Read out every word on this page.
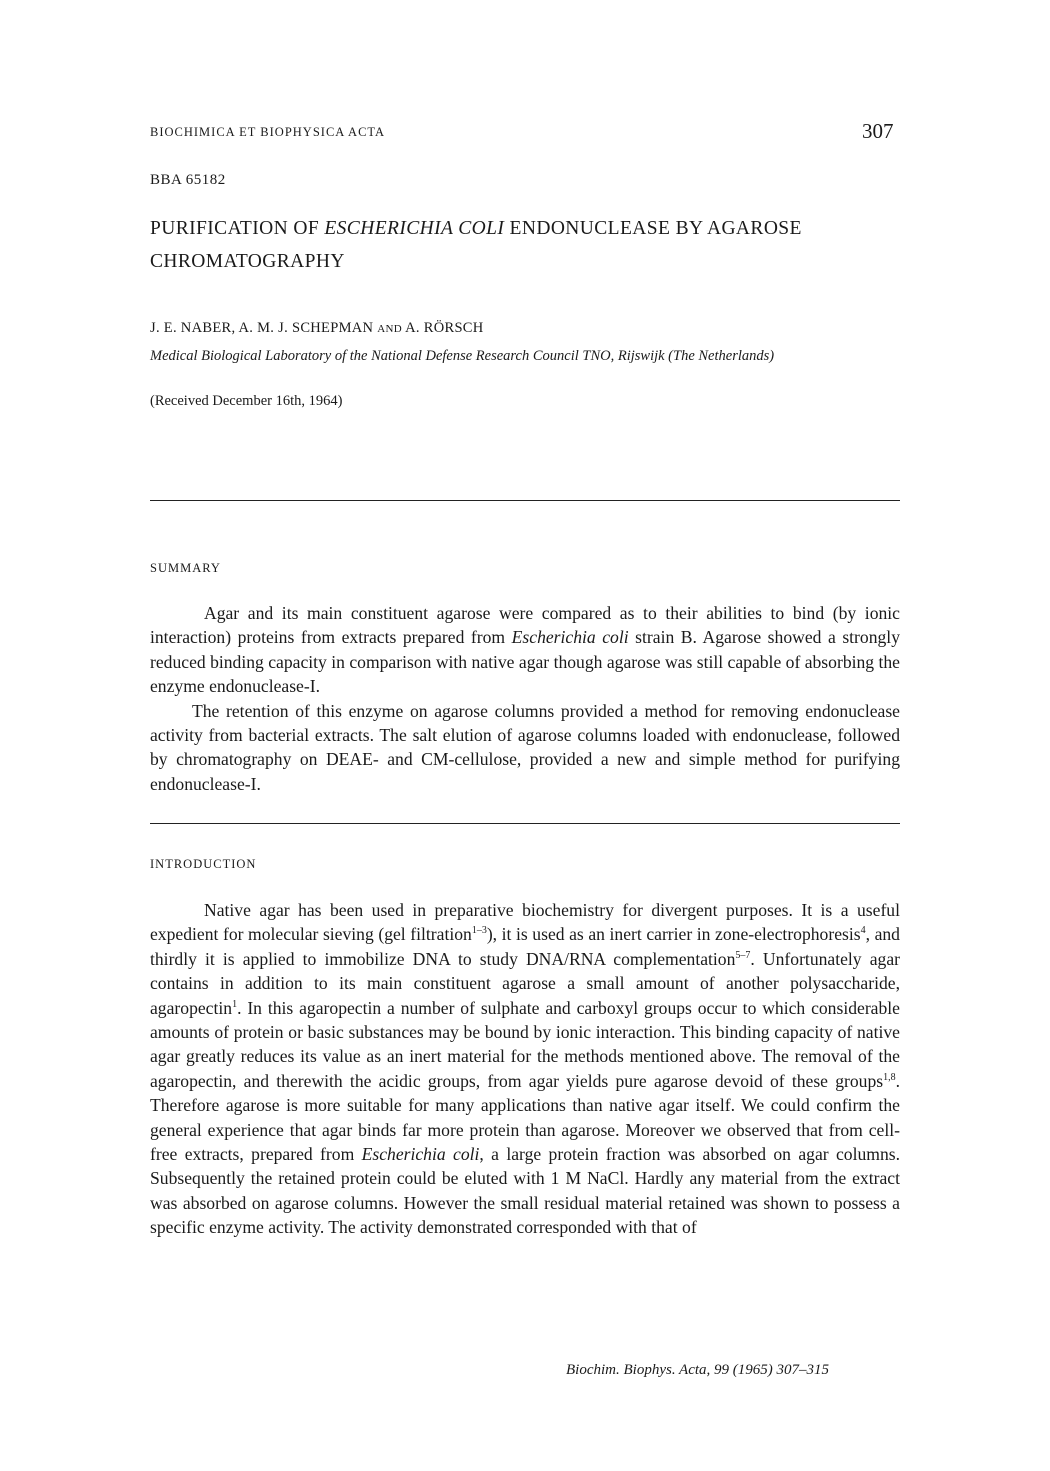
BIOCHIMICA ET BIOPHYSICA ACTA	307
BBA 65182
PURIFICATION OF ESCHERICHIA COLI ENDONUCLEASE BY AGAROSE CHROMATOGRAPHY
J. E. NABER, A. M. J. SCHEPMAN AND A. RÖRSCH
Medical Biological Laboratory of the National Defense Research Council TNO, Rijswijk (The Netherlands)
(Received December 16th, 1964)
SUMMARY

Agar and its main constituent agarose were compared as to their abilities to bind (by ionic interaction) proteins from extracts prepared from Escherichia coli strain B. Agarose showed a strongly reduced binding capacity in comparison with native agar though agarose was still capable of absorbing the enzyme endonuclease-I.

The retention of this enzyme on agarose columns provided a method for removing endonuclease activity from bacterial extracts. The salt elution of agarose columns loaded with endonuclease, followed by chromatography on DEAE- and CM-cellulose, provided a new and simple method for purifying endonuclease-I.

INTRODUCTION

Native agar has been used in preparative biochemistry for divergent purposes. It is a useful expedient for molecular sieving (gel filtration$^{1-3}$), it is used as an inert carrier in zone-electrophoresis$^4$, and thirdly it is applied to immobilize DNA to study DNA/RNA complementation$^{5-7}$. Unfortunately agar contains in addition to its main constituent agarose a small amount of another polysaccharide, agaropectin$^1$. In this agaropectin a number of sulphate and carboxyl groups occur to which considerable amounts of protein or basic substances may be bound by ionic interaction. This binding capacity of native agar greatly reduces its value as an inert material for the methods mentioned above. The removal of the agaropectin, and therewith the acidic groups, from agar yields pure agarose devoid of these groups$^{1,8}$. Therefore agarose is more suitable for many applications than native agar itself. We could confirm the general experience that agar binds far more protein than agarose. Moreover we observed that from cell-free extracts, prepared from Escherichia coli, a large protein fraction was absorbed on agar columns. Subsequently the retained protein could be eluted with 1 M NaCl. Hardly any material from the extract was absorbed on agarose columns. However the small residual material retained was shown to possess a specific enzyme activity. The activity demonstrated corresponded with that of

Biochim. Biophys. Acta, 99 (1965) 307–315
